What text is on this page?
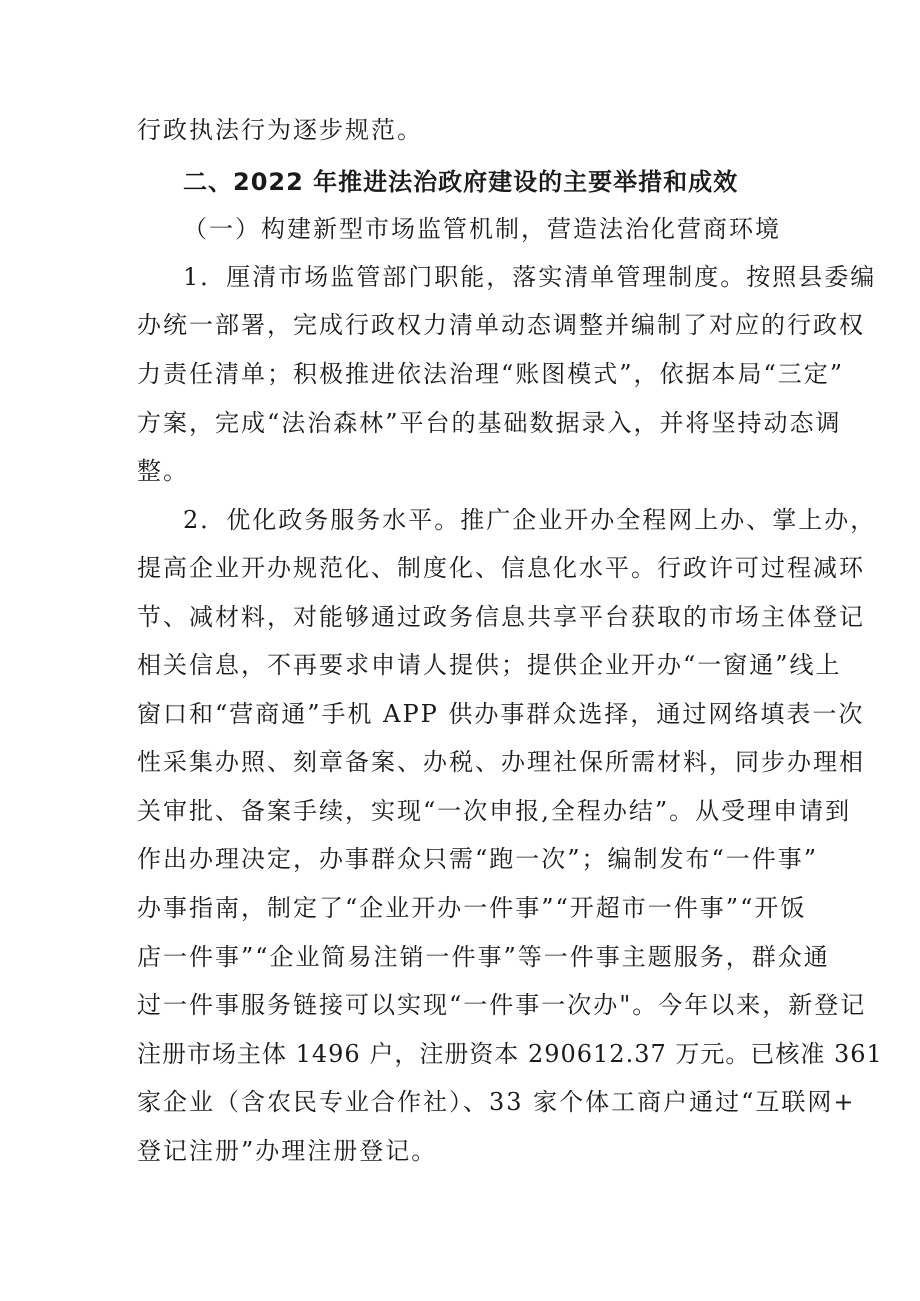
行政执法行为逐步规范。
二、2022 年推进法治政府建设的主要举措和成效
（一）构建新型市场监管机制，营造法治化营商环境
1．厘清市场监管部门职能，落实清单管理制度。按照县委编
办统一部署，完成行政权力清单动态调整并编制了对应的行政权
力责任清单；积极推进依法治理“账图模式”，依据本局“三定”
方案，完成“法治森林”平台的基础数据录入，并将坚持动态调
整。
2．优化政务服务水平。推广企业开办全程网上办、掌上办，
提高企业开办规范化、制度化、信息化水平。行政许可过程减环
节、减材料，对能够通过政务信息共享平台获取的市场主体登记
相关信息，不再要求申请人提供；提供企业开办“一窗通”线上
窗口和“营商通”手机 APP 供办事群众选择，通过网络填表一次
性采集办照、刻章备案、办税、办理社保所需材料，同步办理相
关审批、备案手续，实现“一次申报,全程办结”。从受理申请到
作出办理决定，办事群众只需“跑一次”；编制发布“一件事”
办事指南，制定了“企业开办一件事”“开超市一件事”“开饭
店一件事”“企业简易注销一件事”等一件事主题服务，群众通
过一件事服务链接可以实现“一件事一次办"。今年以来，新登记
注册市场主体 1496 户，注册资本 290612.37 万元。已核准 361
家企业（含农民专业合作社）、33 家个体工商户通过“互联网+
登记注册”办理注册登记。
